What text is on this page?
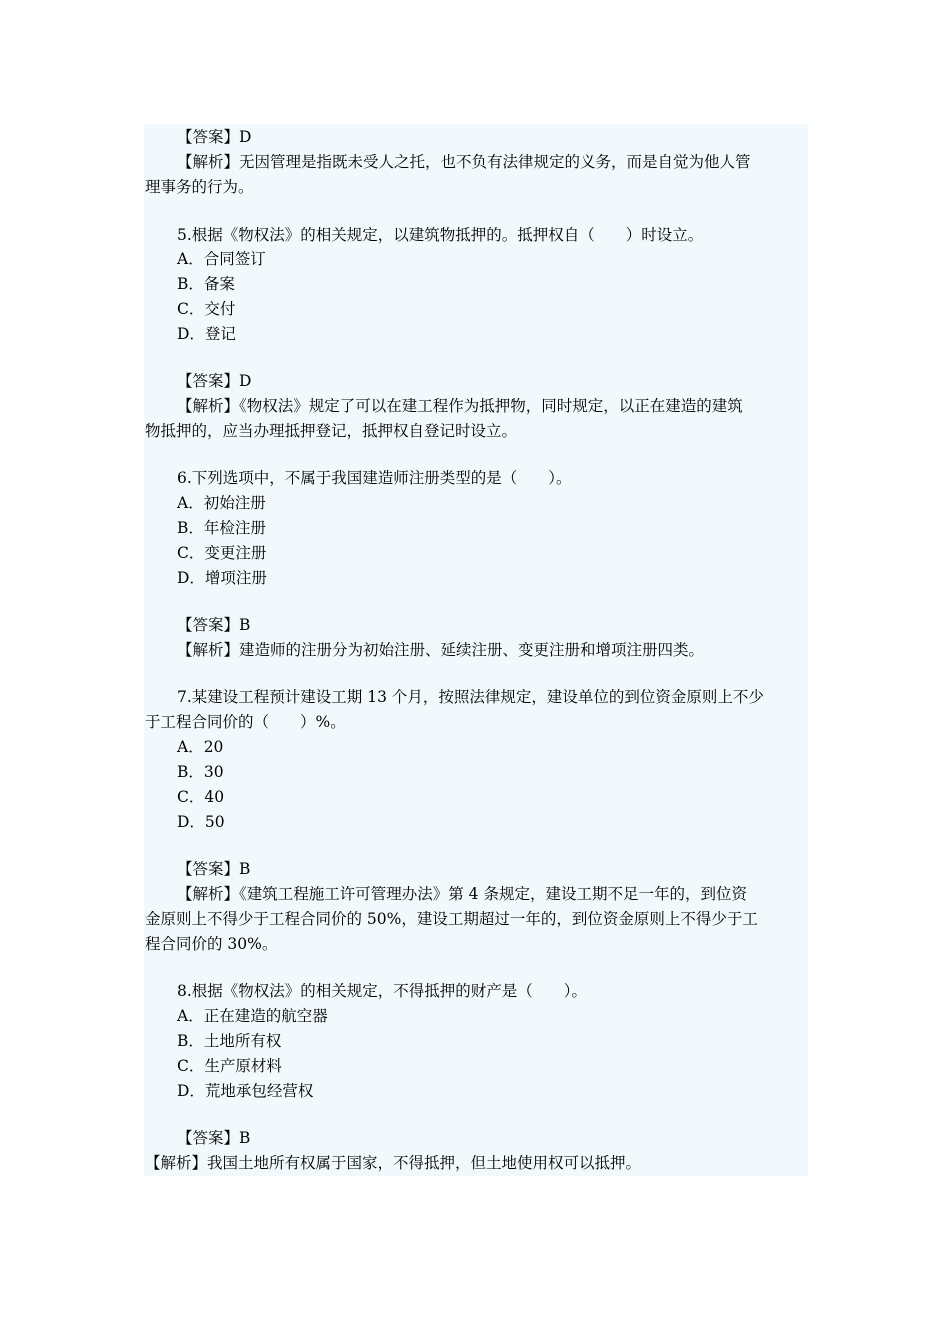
【答案】D
【解析】无因管理是指既未受人之托，也不负有法律规定的义务，而是自觉为他人管
理事务的行为。
5.根据《物权法》的相关规定，以建筑物抵押的。抵押权自（　　）时设立。
A．合同签订
B．备案
C．交付
D．登记
【答案】D
【解析】《物权法》规定了可以在建工程作为抵押物，同时规定，以正在建造的建筑
物抵押的，应当办理抵押登记，抵押权自登记时设立。
6.下列选项中，不属于我国建造师注册类型的是（　　）。
A．初始注册
B．年检注册
C．变更注册
D．增项注册
【答案】B
【解析】建造师的注册分为初始注册、延续注册、变更注册和增项注册四类。
7.某建设工程预计建设工期 13 个月，按照法律规定，建设单位的到位资金原则上不少
于工程合同价的（　　）%。
A．20
B．30
C．40
D．50
【答案】B
【解析】《建筑工程施工许可管理办法》第 4 条规定，建设工期不足一年的，到位资
金原则上不得少于工程合同价的 50%，建设工期超过一年的，到位资金原则上不得少于工
程合同价的 30%。
8.根据《物权法》的相关规定，不得抵押的财产是（　　）。
A．正在建造的航空器
B．土地所有权
C．生产原材料
D．荒地承包经营权
【答案】B
【解析】我国土地所有权属于国家，不得抵押，但土地使用权可以抵押。
